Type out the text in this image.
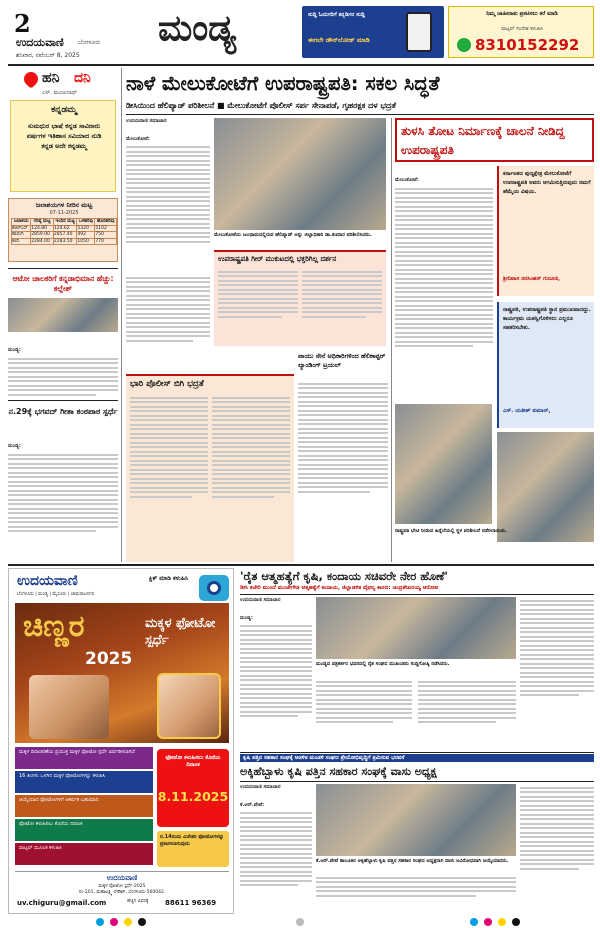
2
ಉದಯವಾಣಿ ಬೆಂಗಳೂರು
ಶನಿವಾರ, ನವೆಂಬರ್ 8, 2025
ಮಂಡ್ಯ	ಸುದ್ದಿ ಓದುಗರಿಗೆ ಕನ್ನಡಿಗರ ಸುದ್ದಿ
ಈಗಲೇ ಡೌನ್‌ಲೋಡ್ ಮಾಡಿ
ನಿಮ್ಮ ಜಾಹೀರಾತು ಪ್ರಕಟಿಸಲು ಕರೆ ಮಾಡಿ
ವಾಟ್ಸಪ್ ಸಂದೇಶ ಕಳುಹಿಸಿ
8310152292
ಹನಿ ದನಿ
ಎಸ್. ಮಂಜುನಾಥ್
ಕನ್ನಡಮ್ಮ
ಸುಮಧುರ ಭಾಷೆ ಕನ್ನಡ ಸಾವಿರಾರು ವರ್ಷಗಳ ಇತಿಹಾಸ ಸವಿಯಾದ ನುಡಿ ಕನ್ನಡ ಅದೇ ಕನ್ನಡಮ್ಮ
ಜಲಾಶಯಗಳ ನೀರಿನ ಮಟ್ಟ
07-11-2025
ಜಲಾಶಯ	ಗರಿಷ್ಠ ಮಟ್ಟ	ಇಂದಿನ ಮಟ್ಟ	ಒಳಹರಿವು	ಹೊರಹರಿವು
ಕೆಆರ್‌ಎಸ್	124.80	124.62	5320	5102
ಹಾರಂಗಿ	2859.00	2857.40	492	750
ಕಬಿನಿ	2284.00	2283.50	1050	770
ಆಟೋ ಚಾಲಕರಿಗೆ ಕನ್ನಡಾಭಿಮಾನ ಹೆಚ್ಚು: ಕಲ್ಲೇಶ್
ಮಂಡ್ಯ:
ನ.29ಕ್ಕೆ ಭಗವದ್ ಗೀತಾ ಕಂಠಪಾಠ ಸ್ಪರ್ಧೆ
ಮಂಡ್ಯ:
ನಾಳೆ ಮೇಲುಕೋಟೆಗೆ ಉಪರಾಷ್ಟ್ರಪತಿ: ಸಕಲ ಸಿದ್ಧತೆ
ಡೀಸಿಯಿಂದ ಹೆಲಿಪ್ಯಾಡ್ ಪರಿಶೀಲನೆ ■ ಮೇಲುಕೋಟೆಗೆ ಪೊಲೀಸ್ ಸರ್ಪ ಸೇನಾಪಡೆ, ಗೃಹರಕ್ಷಕ ದಳ ಭದ್ರತೆ
ಉದಯವಾಣಿ ಸಮಾಚಾರ
ಮೇಲುಕೋಟೆ:
ಮೇಲುಕೋಟೆಯ ಜಲಧಾಮದಲ್ಲಿರುವ ಹೆಲಿಪ್ಯಾಡ್ ಅನ್ನು ಜಿಲ್ಲಾಧಿಕಾರಿ ಡಾ.ಕುಮಾರ ಪರಿಶೀಲಿಸಿದರು.
ಉಪರಾಷ್ಟ್ರಪತಿ ಗೀರ್ ಮುಕುಟದಲ್ಲಿ ಭಕ್ತರಿಗಿಲ್ಲ ದರ್ಶನ
ಭಾರಿ ಪೊಲೀಸ್ ಬಿಗಿ ಭದ್ರತೆ
ವಾಯು ಸೇನೆ ಅಧಿಕಾರಿಗಳಿಂದ ಹೆಲಿಕಾಪ್ಟರ್ ಲ್ಯಾಂಡಿಂಗ್ ಟ್ರಯಲ್
ತುಳಸಿ ತೋಟ ನಿರ್ಮಾಣಕ್ಕೆ ಚಾಲನೆ ನೀಡಿದ್ದ ಉಪರಾಷ್ಟ್ರಪತಿ
ಮೇಲುಕೋಟೆ:
ಕರ್ನಾಟಕದ ಪುಣ್ಯಕ್ಷೇತ್ರ ಮೇಲುಕೋಟೆಗೆ ಉಪರಾಷ್ಟ್ರಪತಿ ಅವರು ಆಗಮಿಸುತ್ತಿರುವುದು ನಮಗೆ ಹೆಮ್ಮೆಯ ವಿಷಯ.
ಶ್ರೀನಿವಾಸ ನರಸಿಂಹನ್ ಗುರೂಜಿ,
ರಾಷ್ಟ್ರಪತಿ, ಉಪರಾಷ್ಟ್ರಪತಿ ಸ್ಥಾನ ಪ್ರಮುಖವಾದದ್ದು. ಕಾರ್ಯಕ್ರಮ ಯಶಸ್ವಿಗೊಳಿಸಲು ಎಲ್ಲರೂ ಸಹಕರಿಸಬೇಕು.
ಎಸ್. ಯತೀಶ್ ಕುಮಾರ್,
ರಾಷ್ಟ್ರಪತಿ ಭೇಟಿ ನೀಡುವ ಹಿನ್ನೆಲೆಯಲ್ಲಿ ಸ್ಥಳ ಪರಿಶೀಲನೆ ನಡೆಸಲಾಯಿತು.
ಉದಯವಾಣಿ
ಬೆಂಗಳೂರು | ಮಂಡ್ಯ | ಮೈಸೂರು | ಚಾಮರಾಜನಗರ
ಕ್ಲಿಕ್ ಮಾಡಿ ಕಳುಹಿಸಿ
ಚಿಣ್ಣರ
2025
ಮಕ್ಕಳ ಫೋಟೋ ಸ್ಪರ್ಧೆ
ಮಕ್ಕಳ ದಿನಾಚರಣೆಯ ಪ್ರಯುಕ್ತ ಮಕ್ಕಳ ಫೋಟೋ ಸ್ಪರ್ಧೆ ಏರ್ಪಡಿಸಲಾಗಿದೆ
16 ತಿಂಗಳು ಒಳಗಿನ ಮಕ್ಕಳ ಫೋಟೋಗಳನ್ನು ಕಳುಹಿಸಿ
ಆಯ್ಕೆಯಾದ ಫೋಟೋಗಳಿಗೆ ಆಕರ್ಷಕ ಬಹುಮಾನ
ಫೋಟೋ ಕಳುಹಿಸಲು ಕೊನೆಯ ದಿನಾಂಕ
ವಾಟ್ಸಪ್ ಮೂಲಕ ಕಳುಹಿಸಿ
ಫೋಟೋ ಕಳುಹಿಸಲು ಕೊನೆಯ ದಿನಾಂಕ
8.11.2025
ನ.14ರಂದು ವಿಜೇತರ ಫೋಟೋಗಳನ್ನು ಪ್ರಕಟಿಸಲಾಗುವುದು
ಉದಯವಾಣಿ
ಮಕ್ಕಳ ಫೋಟೋ ಸ್ಪರ್ಧೆ-2025
ನಂ-201, ಮಹಾಲಕ್ಷ್ಮಿ ಲೇಔಟ್, ಬೆಂಗಳೂರು-560042.
uv.chiguru@gmail.com	ಹೆಚ್ಚಿನ ವಿವರಕ್ಕೆ 88611 96369
'ರೈತ ಆತ್ಮಹತ್ಯೆಗೆ ಕೃಷಿ, ಕಂದಾಯ ಸಚಿವರೇ ನೇರ ಹೊಣೆ'
ಡೀಸಿ ಕಚೇರಿ ಮುಂದೆ ಮಂಜೇಗೌಡ ಆತ್ಮಹತ್ಯೆಗೆ ಕಂದಾಯ, ಜಿಲ್ಲಾಡಳಿತ ವೈಫಲ್ಯ ಕಾರಣ: ಚಂದ್ರಶೇಖರಯ್ಯ ಆರೋಪ
ಉದಯವಾಣಿ ಸಮಾಚಾರ
ಮಂಡ್ಯ:
ಮಂಡ್ಯದ ಪತ್ರಕರ್ತರ ಭವನದಲ್ಲಿ ರೈತ ಸಂಘದ ಮುಖಂಡರು ಸುದ್ದಿಗೋಷ್ಠಿ ನಡೆಸಿದರು.
ಕೃಷಿ ಪತ್ತಿನ ಸಹಕಾರ ಸಂಘಕ್ಕೆ ಆಡಳಿತ ಮಂಡಳಿ ಸಂಘದ ಶ್ರೇಯೋಭಿವೃದ್ಧಿಗೆ ಶ್ರಮಿಸುವ ಭರವಸೆ
ಅಕ್ಕಿಹೆಬ್ಬಾಳು ಕೃಷಿ ಪತ್ತಿನ ಸಹಕಾರ ಸಂಘಕ್ಕೆ ವಾಸು ಅಧ್ಯಕ್ಷ
ಉದಯವಾಣಿ ಸಮಾಚಾರ
ಕೆ.ಆರ್.ಪೇಟೆ:
ಕೆ.ಆರ್.ಪೇಟೆ ತಾಲೂಕಿನ ಅಕ್ಕಿಹೆಬ್ಬಾಳು ಕೃಷಿ ಪತ್ತಿನ ಸಹಕಾರ ಸಂಘದ ಅಧ್ಯಕ್ಷರಾಗಿ ವಾಸು ಅವಿರೋಧವಾಗಿ ಆಯ್ಕೆಯಾದರು.
